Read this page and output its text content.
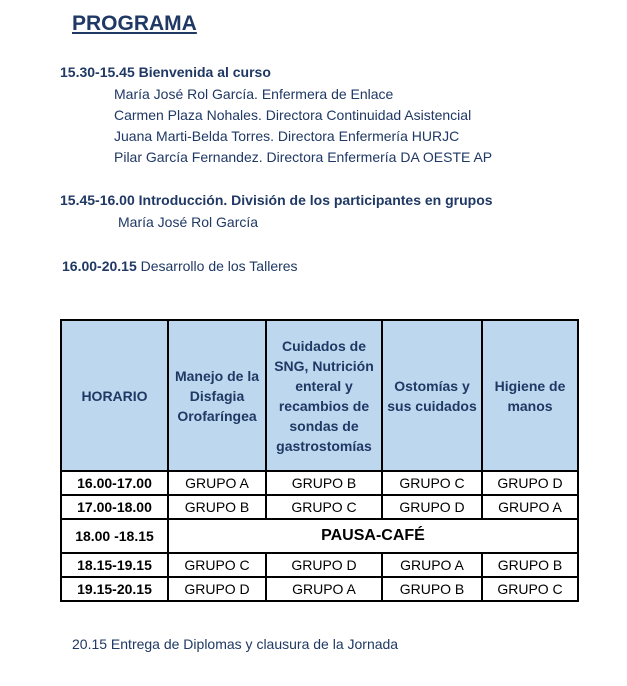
PROGRAMA
15.30-15.45 Bienvenida al curso
María José Rol García. Enfermera de Enlace
Carmen Plaza Nohales. Directora Continuidad Asistencial
Juana Marti-Belda Torres. Directora Enfermería HURJC
Pilar García Fernandez. Directora Enfermería DA OESTE AP
15.45-16.00 Introducción. División de los participantes en grupos
María José Rol García
16.00-20.15 Desarrollo de los Talleres
HORARIO	Manejo de la Disfagia Orofaríngea	Cuidados de SNG, Nutrición enteral y recambios de sondas de gastrostomías	Ostomías y sus cuidados	Higiene de manos
16.00-17.00	GRUPO A	GRUPO B	GRUPO C	GRUPO D
17.00-18.00	GRUPO B	GRUPO C	GRUPO D	GRUPO A
18.00 -18.15	PAUSA-CAFÉ			
18.15-19.15	GRUPO C	GRUPO D	GRUPO A	GRUPO B
19.15-20.15	GRUPO D	GRUPO A	GRUPO B	GRUPO C
20.15 Entrega de Diplomas y clausura de la Jornada
